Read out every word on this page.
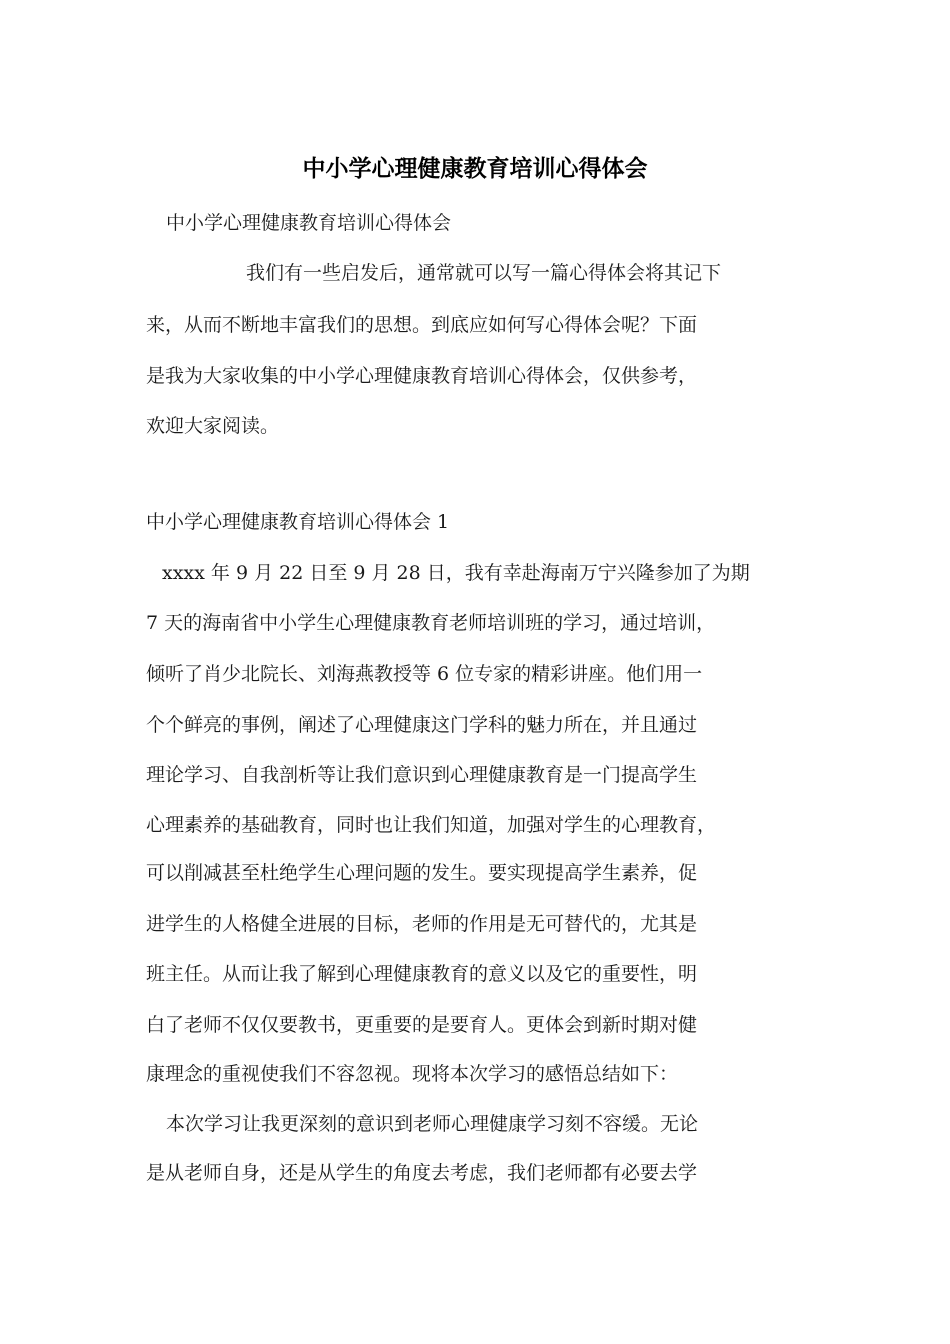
中小学心理健康教育培训心得体会
中小学心理健康教育培训心得体会
我们有一些启发后，通常就可以写一篇心得体会将其记下
来，从而不断地丰富我们的思想。到底应如何写心得体会呢？下面
是我为大家收集的中小学心理健康教育培训心得体会，仅供参考，
欢迎大家阅读。
中小学心理健康教育培训心得体会 1
xxxx 年 9 月 22 日至 9 月 28 日，我有幸赴海南万宁兴隆参加了为期
7 天的海南省中小学生心理健康教育老师培训班的学习，通过培训，
倾听了肖少北院长、刘海燕教授等 6 位专家的精彩讲座。他们用一
个个鲜亮的事例，阐述了心理健康这门学科的魅力所在，并且通过
理论学习、自我剖析等让我们意识到心理健康教育是一门提高学生
心理素养的基础教育，同时也让我们知道，加强对学生的心理教育，
可以削减甚至杜绝学生心理问题的发生。要实现提高学生素养，促
进学生的人格健全进展的目标，老师的作用是无可替代的，尤其是
班主任。从而让我了解到心理健康教育的意义以及它的重要性，明
白了老师不仅仅要教书，更重要的是要育人。更体会到新时期对健
康理念的重视使我们不容忽视。现将本次学习的感悟总结如下：
本次学习让我更深刻的意识到老师心理健康学习刻不容缓。无论
是从老师自身，还是从学生的角度去考虑，我们老师都有必要去学
